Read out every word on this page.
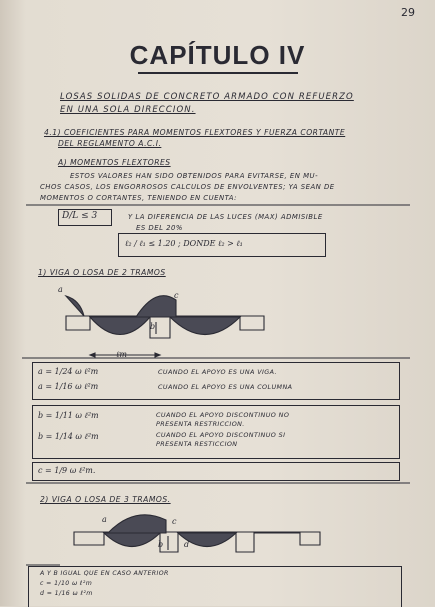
29
CAPÍTULO IV
LOSAS SOLIDAS DE CONCRETO ARMADO CON REFUERZO
EN UNA SOLA DIRECCION.
4.1) COEFICIENTES PARA MOMENTOS FLEXTORES Y FUERZA CORTANTE
DEL REGLAMENTO A.C.I.
A) MOMENTOS FLEXTORES
ESTOS VALORES HAN SIDO OBTENIDOS PARA EVITARSE, EN MU-
CHOS CASOS, LOS ENGORROSOS CALCULOS DE ENVOLVENTES; YA SEAN DE
MOMENTOS O CORTANTES, TENIENDO EN CUENTA:
D/L ≤ 3	Y LA DIFERENCIA DE LAS LUCES (MAX) ADMISIBLE
ES DEL 20%
ℓ₂ / ℓ₁ ≤ 1.20 ; DONDE ℓ₂ > ℓ₁
1) VIGA O LOSA DE 2 TRAMOS
a
c
b
ℓm
a = 1/24 ω ℓ²m	CUANDO EL APOYO ES UNA VIGA.
a = 1/16 ω ℓ²m	CUANDO EL APOYO ES UNA COLUMNA
b = 1/11 ω ℓ²m	CUANDO EL APOYO DISCONTINUO NO
PRESENTA RESTRICCION.
b = 1/14 ω ℓ²m	CUANDO EL APOYO DISCONTINUO SI
PRESENTA RESTICCION
c = 1/9 ω ℓ²m.
2) VIGA O LOSA DE 3 TRAMOS.
a	c
b	d
A Y B IGUAL QUE EN CASO ANTERIOR
c = 1/10 ω ℓ²m
d = 1/16 ω ℓ²m
